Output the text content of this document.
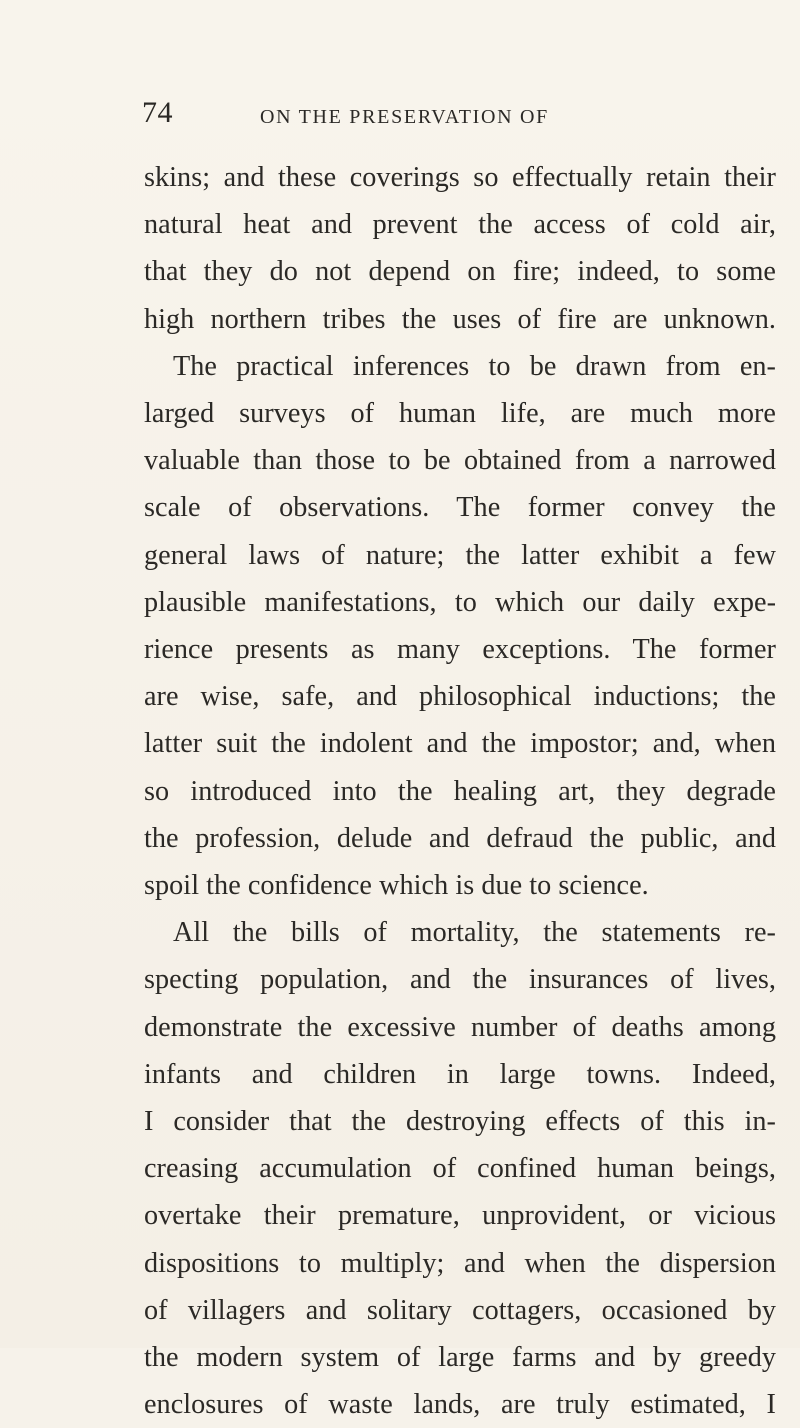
74	ON THE PRESERVATION OF
skins; and these coverings so effectually retain their
natural heat and prevent the access of cold air,
that they do not depend on fire; indeed, to some
high northern tribes the uses of fire are unknown.
The practical inferences to be drawn from en-
larged surveys of human life, are much more
valuable than those to be obtained from a narrowed
scale of observations. The former convey the
general laws of nature; the latter exhibit a few
plausible manifestations, to which our daily expe-
rience presents as many exceptions. The former
are wise, safe, and philosophical inductions; the
latter suit the indolent and the impostor; and, when
so introduced into the healing art, they degrade
the profession, delude and defraud the public, and
spoil the confidence which is due to science.
All the bills of mortality, the statements re-
specting population, and the insurances of lives,
demonstrate the excessive number of deaths among
infants and children in large towns. Indeed,
I consider that the destroying effects of this in-
creasing accumulation of confined human beings,
overtake their premature, unprovident, or vicious
dispositions to multiply; and when the dispersion
of villagers and solitary cottagers, occasioned by
the modern system of large farms and by greedy
enclosures of waste lands, are truly estimated, I
